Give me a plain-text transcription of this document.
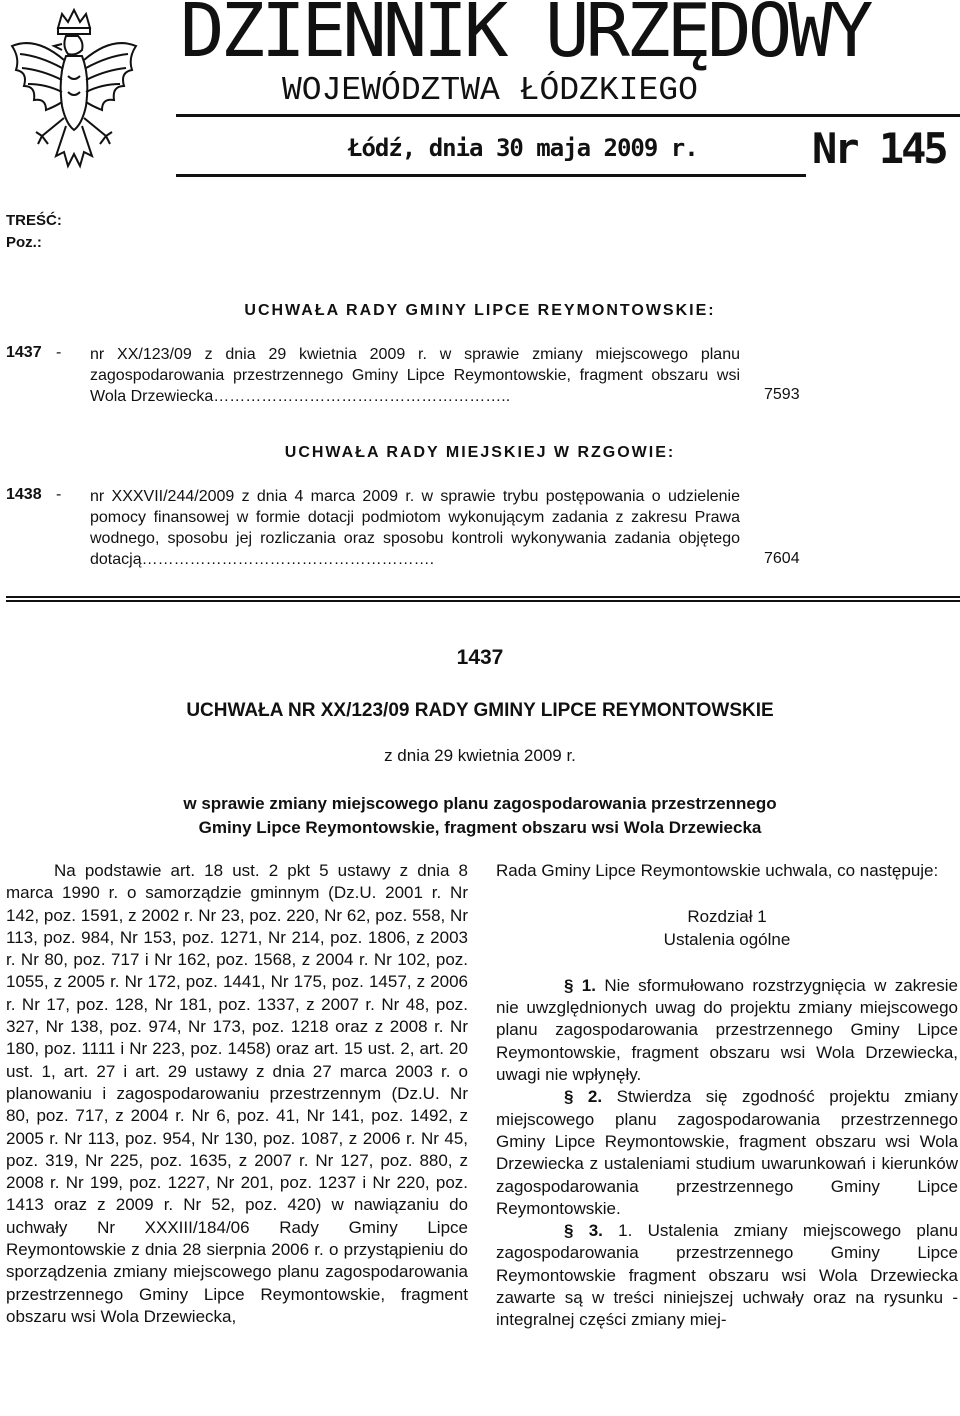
DZIENNIK URZĘDOWY
WOJEWÓDZTWA ŁÓDZKIEGO
Łódź, dnia 30 maja 2009 r.	Nr 145
TREŚĆ:
Poz.:
UCHWAŁA RADY GMINY LIPCE REYMONTOWSKIE:
1437 - nr XX/123/09 z dnia 29 kwietnia 2009 r. w sprawie zmiany miejscowego planu zagospodarowania przestrzennego Gminy Lipce Reymontowskie, fragment obszaru wsi Wola Drzewiecka………………………………………………..	7593
UCHWAŁA RADY MIEJSKIEJ W RZGOWIE:
1438 - nr XXXVII/244/2009 z dnia 4 marca 2009 r. w sprawie trybu postępowania o udzielenie pomocy finansowej w formie dotacji podmiotom wykonującym zadania z zakresu Prawa wodnego, sposobu jej rozliczania oraz sposobu kontroli wykonywania zadania objętego dotacją……………………………………………….	7604
1437
UCHWAŁA NR XX/123/09 RADY GMINY LIPCE REYMONTOWSKIE
z dnia 29 kwietnia 2009 r.
w sprawie zmiany miejscowego planu zagospodarowania przestrzennego
Gminy Lipce Reymontowskie, fragment obszaru wsi Wola Drzewiecka

Na podstawie art. 18 ust. 2 pkt 5 ustawy z dnia 8 marca 1990 r. o samorządzie gminnym (Dz.U. 2001 r. Nr 142, poz. 1591, z 2002 r. Nr 23, poz. 220, Nr 62, poz. 558, Nr 113, poz. 984, Nr 153, poz. 1271, Nr 214, poz. 1806, z 2003 r. Nr 80, poz. 717 i Nr 162, poz. 1568, z 2004 r. Nr 102, poz. 1055, z 2005 r. Nr 172, poz. 1441, Nr 175, poz. 1457, z 2006 r. Nr 17, poz. 128, Nr 181, poz. 1337, z 2007 r. Nr 48, poz. 327, Nr 138, poz. 974, Nr 173, poz. 1218 oraz z 2008 r. Nr 180, poz. 1111 i Nr 223, poz. 1458) oraz art. 15 ust. 2, art. 20 ust. 1, art. 27 i art. 29 ustawy z dnia 27 marca 2003 r. o planowaniu i zagospodarowaniu przestrzennym (Dz.U. Nr 80, poz. 717, z 2004 r. Nr 6, poz. 41, Nr 141, poz. 1492, z 2005 r. Nr 113, poz. 954, Nr 130, poz. 1087, z 2006 r. Nr 45, poz. 319, Nr 225, poz. 1635, z 2007 r. Nr 127, poz. 880, z 2008 r. Nr 199, poz. 1227, Nr 201, poz. 1237 i Nr 220, poz. 1413 oraz z 2009 r. Nr 52, poz. 420) w nawiązaniu do uchwały Nr XXXIII/184/06 Rady Gminy Lipce Reymontowskie z dnia 28 sierpnia 2006 r. o przystąpieniu do sporządzenia zmiany miejscowego planu zagospodarowania przestrzennego Gminy Lipce Reymontowskie, fragment obszaru wsi Wola Drzewiecka,

Rada Gminy Lipce Reymontowskie uchwala, co następuje:

Rozdział 1

Ustalenia ogólne

§ 1. Nie sformułowano rozstrzygnięcia w zakresie nie uwzględnionych uwag do projektu zmiany miejscowego planu zagospodarowania przestrzennego Gminy Lipce Reymontowskie, fragment obszaru wsi Wola Drzewiecka, uwagi nie wpłynęły.

§ 2. Stwierdza się zgodność projektu zmiany miejscowego planu zagospodarowania przestrzennego Gminy Lipce Reymontowskie, fragment obszaru wsi Wola Drzewiecka z ustaleniami studium uwarunkowań i kierunków zagospodarowania przestrzennego Gminy Lipce Reymontowskie.

§ 3. 1. Ustalenia zmiany miejscowego planu zagospodarowania przestrzennego Gminy Lipce Reymontowskie fragment obszaru wsi Wola Drzewiecka zawarte są w treści niniejszej uchwały oraz na rysunku - integralnej części zmiany miej-
